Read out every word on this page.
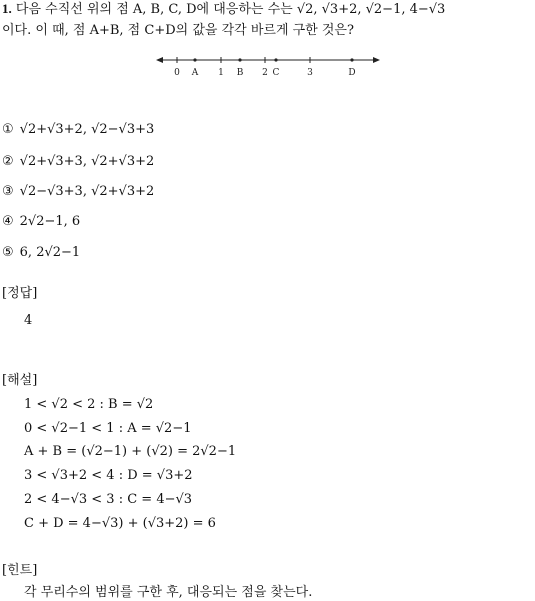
1. 다음 수직선 위의 점 A, B, C, D에 대응하는 수는 √2, √3+2, √2−1, 4−√3
이다. 이 때, 점 A+B, 점 C+D의 값을 각각 바르게 구한 것은?
0 A 1 B 2 C	3	D
① √2+√3+2, √2−√3+3
② √2+√3+3, √2+√3+2
③ √2−√3+3, √2+√3+2
④ 2√2−1, 6
⑤ 6, 2√2−1
[정답]
4
[해설]
1 < √2 < 2 : B = √2
0 < √2−1 < 1 : A = √2−1
A + B = (√2−1) + (√2) = 2√2−1
3 < √3+2 < 4 : D = √3+2
2 < 4−√3 < 3 : C = 4−√3
C + D = 4−√3) + (√3+2) = 6
[힌트]
각 무리수의 범위를 구한 후, 대응되는 점을 찾는다.
